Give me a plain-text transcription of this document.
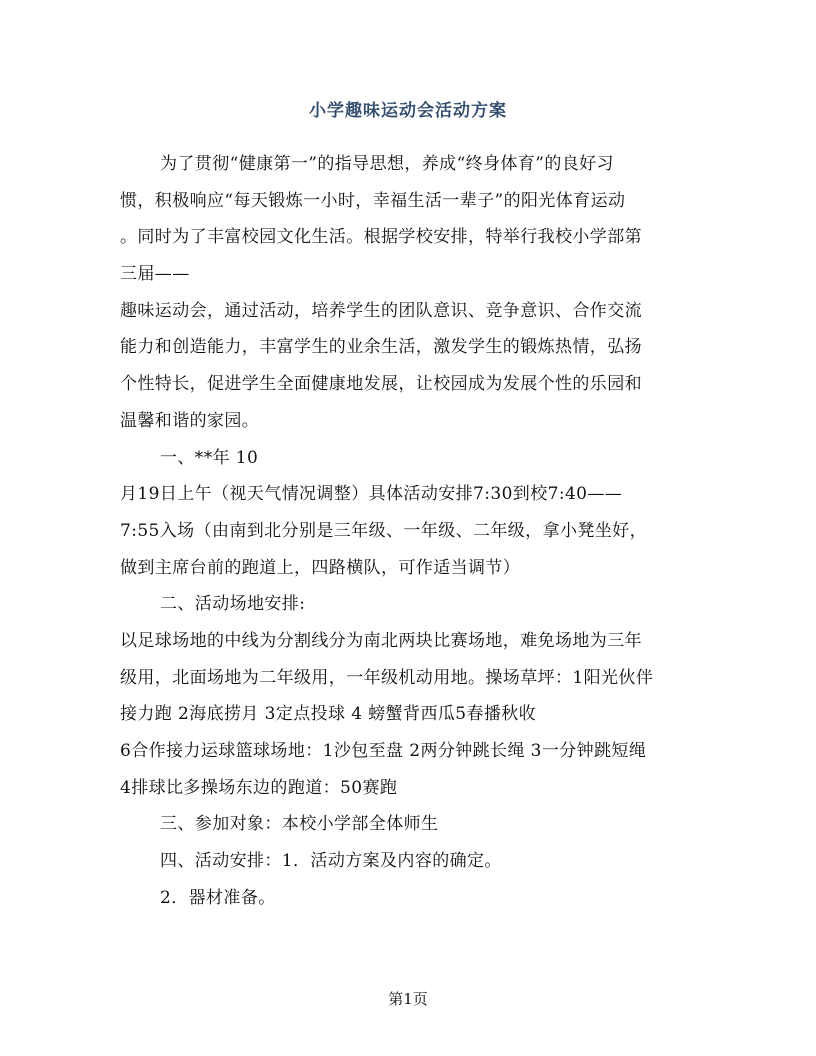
小学趣味运动会活动方案
为了贯彻“健康第一”的指导思想，养成“终身体育”的良好习
惯，积极响应“每天锻炼一小时，幸福生活一辈子”的阳光体育运动
。同时为了丰富校园文化生活。根据学校安排，特举行我校小学部第
三届——
趣味运动会，通过活动，培养学生的团队意识、竞争意识、合作交流
能力和创造能力，丰富学生的业余生活，激发学生的锻炼热情，弘扬
个性特长，促进学生全面健康地发展，让校园成为发展个性的乐园和
温馨和谐的家园。
一、**年 10
月19日上午（视天气情况调整）具体活动安排7:30到校7:40——
7:55入场（由南到北分别是三年级、一年级、二年级，拿小凳坐好，
做到主席台前的跑道上，四路横队，可作适当调节）
二、活动场地安排:
以足球场地的中线为分割线分为南北两块比赛场地，难免场地为三年
级用，北面场地为二年级用，一年级机动用地。操场草坪：1阳光伙伴
接力跑 2海底捞月 3定点投球 4 螃蟹背西瓜5春播秋收
6合作接力运球篮球场地：1沙包至盘 2两分钟跳长绳 3一分钟跳短绳
4排球比多操场东边的跑道：50赛跑
三、参加对象：本校小学部全体师生
四、活动安排：1．活动方案及内容的确定。
2．器材准备。
第1页
